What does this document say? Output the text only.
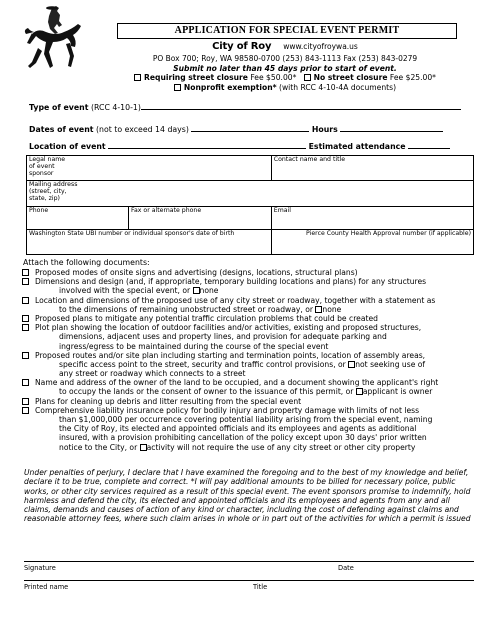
APPLICATION FOR SPECIAL EVENT PERMIT
City of Roy www.cityofroywa.us
PO Box 700; Roy, WA 98580-0700 (253) 843-1113 Fax (253) 843-0279
Submit no later than 45 days prior to start of event.
Requiring street closure Fee $50.00* No street closure Fee $25.00*
Nonprofit exemption* (with RCC 4-10-4A documents)
Type of event (RCC 4-10-1)
Dates of event (not to exceed 14 days)	Hours
Location of event	Estimated attendance
Legal name of event sponsor		Contact name and title

Mailing address (street, city, state, zip)		

Phone	Fax or alternate phone	Email
Washington State UBI number or individual sponsor's date of birth		Pierce County Health Approval number (if applicable)
Attach the following documents:
Proposed modes of onsite signs and advertising (designs, locations, structural plans)
Dimensions and design (and, if appropriate, temporary building locations and plans) for any structures
involved with the special event, or none
Location and dimensions of the proposed use of any city street or roadway, together with a statement as
to the dimensions of remaining unobstructed street or roadway, or none
Proposed plans to mitigate any potential traffic circulation problems that could be created
Plot plan showing the location of outdoor facilities and/or activities, existing and proposed structures,
dimensions, adjacent uses and property lines, and provision for adequate parking and
ingress/egress to be maintained during the course of the special event
Proposed routes and/or site plan including starting and termination points, location of assembly areas,
specific access point to the street, security and traffic control provisions, or not seeking use of
any street or roadway which connects to a street
Name and address of the owner of the land to be occupied, and a document showing the applicant's right
to occupy the lands or the consent of owner to the issuance of this permit, or applicant is owner
Plans for cleaning up debris and litter resulting from the special event
Comprehensive liability insurance policy for bodily injury and property damage with limits of not less
than $1,000,000 per occurrence covering potential liability arising from the special event, naming
the City of Roy, its elected and appointed officials and its employees and agents as additional
insured, with a provision prohibiting cancellation of the policy except upon 30 days' prior written
notice to the City, or activity will not require the use of any city street or other city property
Under penalties of perjury, I declare that I have examined the foregoing and to the best of my knowledge and belief, declare it to be true, complete and correct. *I will pay additional amounts to be billed for necessary police, public works, or other city services required as a result of this special event. The event sponsors promise to indemnify, hold harmless and defend the city, its elected and appointed officials and its employees and agents from any and all claims, demands and causes of action of any kind or character, including the cost of defending against claims and reasonable attorney fees, where such claim arises in whole or in part out of the activities for which a permit is issued
Signature	Date
Printed name	Title
